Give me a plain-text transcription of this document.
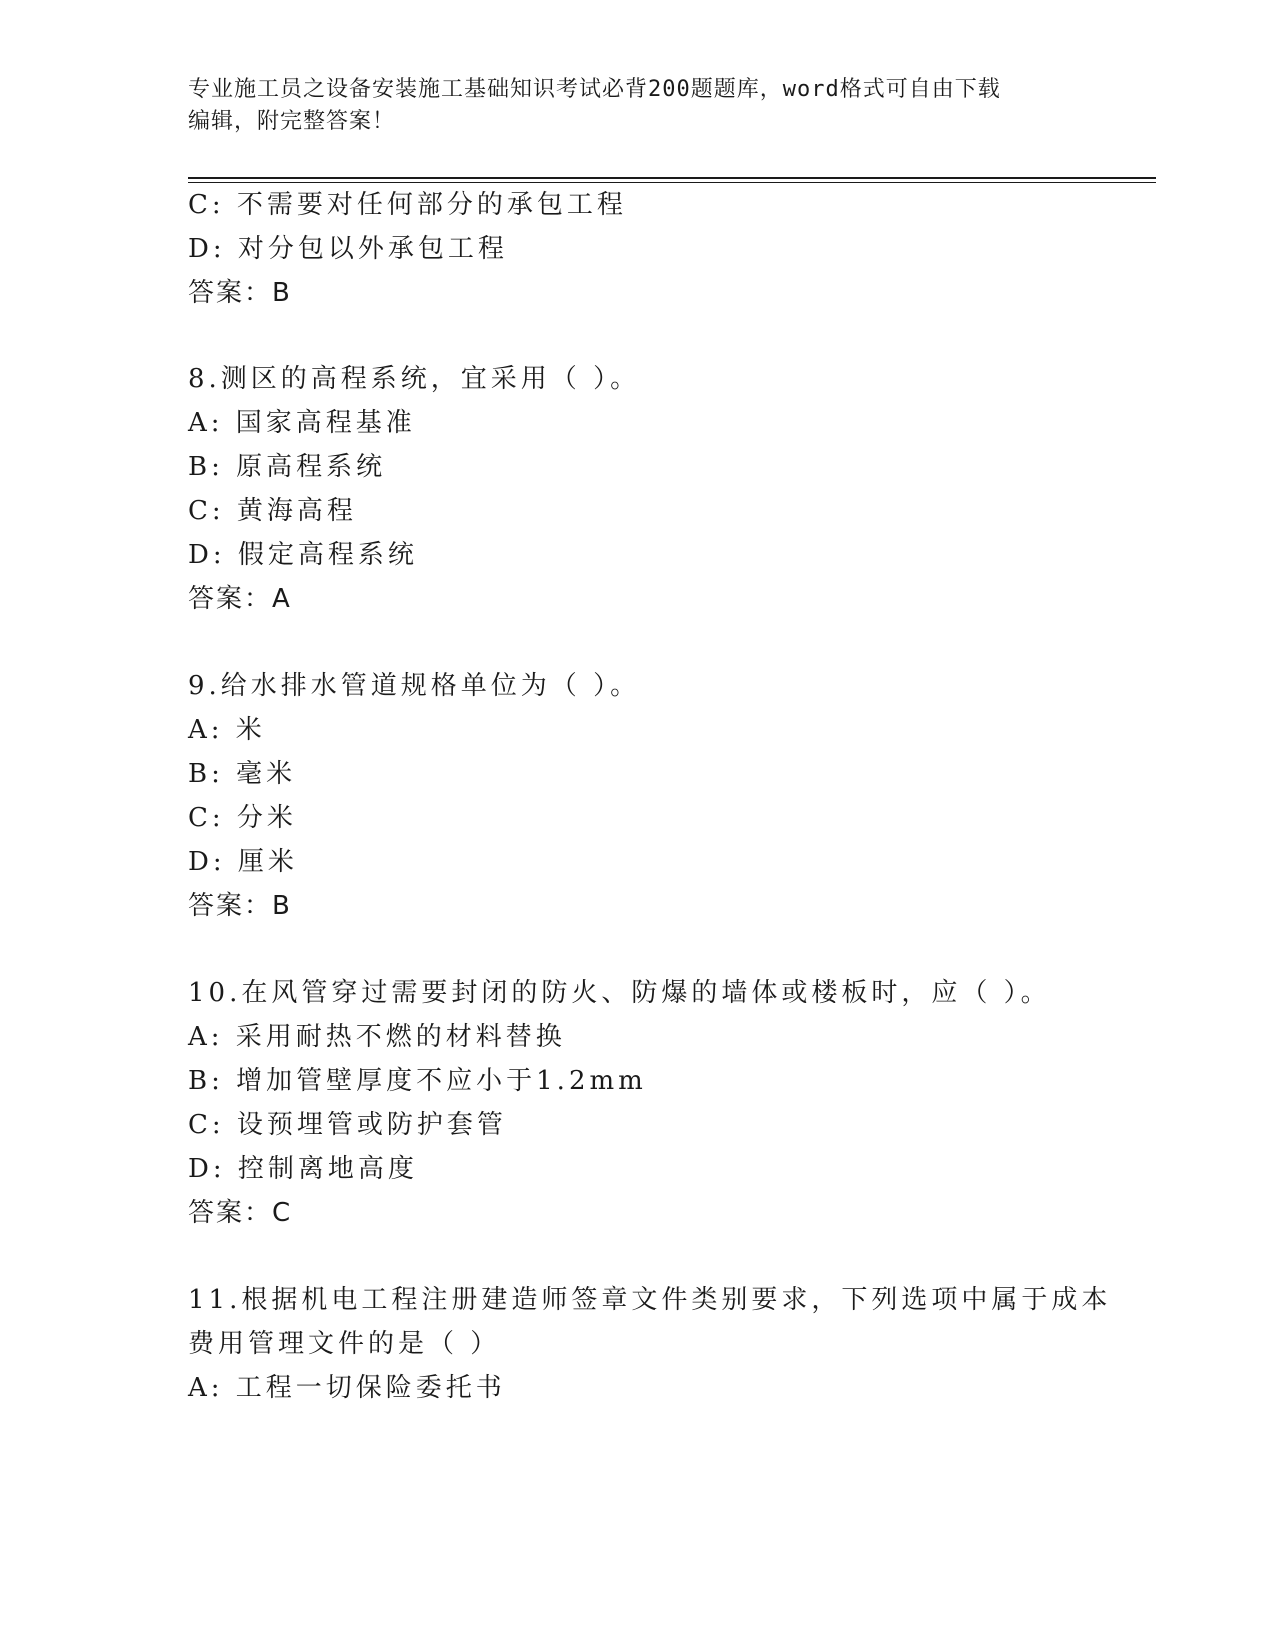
专业施工员之设备安装施工基础知识考试必背200题题库，word格式可自由下载
编辑，附完整答案！
C: 不需要对任何部分的承包工程
D: 对分包以外承包工程
答案：B
8.测区的高程系统，宜采用（ ）。
A: 国家高程基准
B: 原高程系统
C: 黄海高程
D: 假定高程系统
答案：A
9.给水排水管道规格单位为（ ）。
A: 米
B: 毫米
C: 分米
D: 厘米
答案：B
10.在风管穿过需要封闭的防火、防爆的墙体或楼板时，应（ ）。
A: 采用耐热不燃的材料替换
B: 增加管壁厚度不应小于1.2mm
C: 设预埋管或防护套管
D: 控制离地高度
答案：C
11.根据机电工程注册建造师签章文件类别要求，下列选项中属于成本
费用管理文件的是（ ）
A: 工程一切保险委托书
